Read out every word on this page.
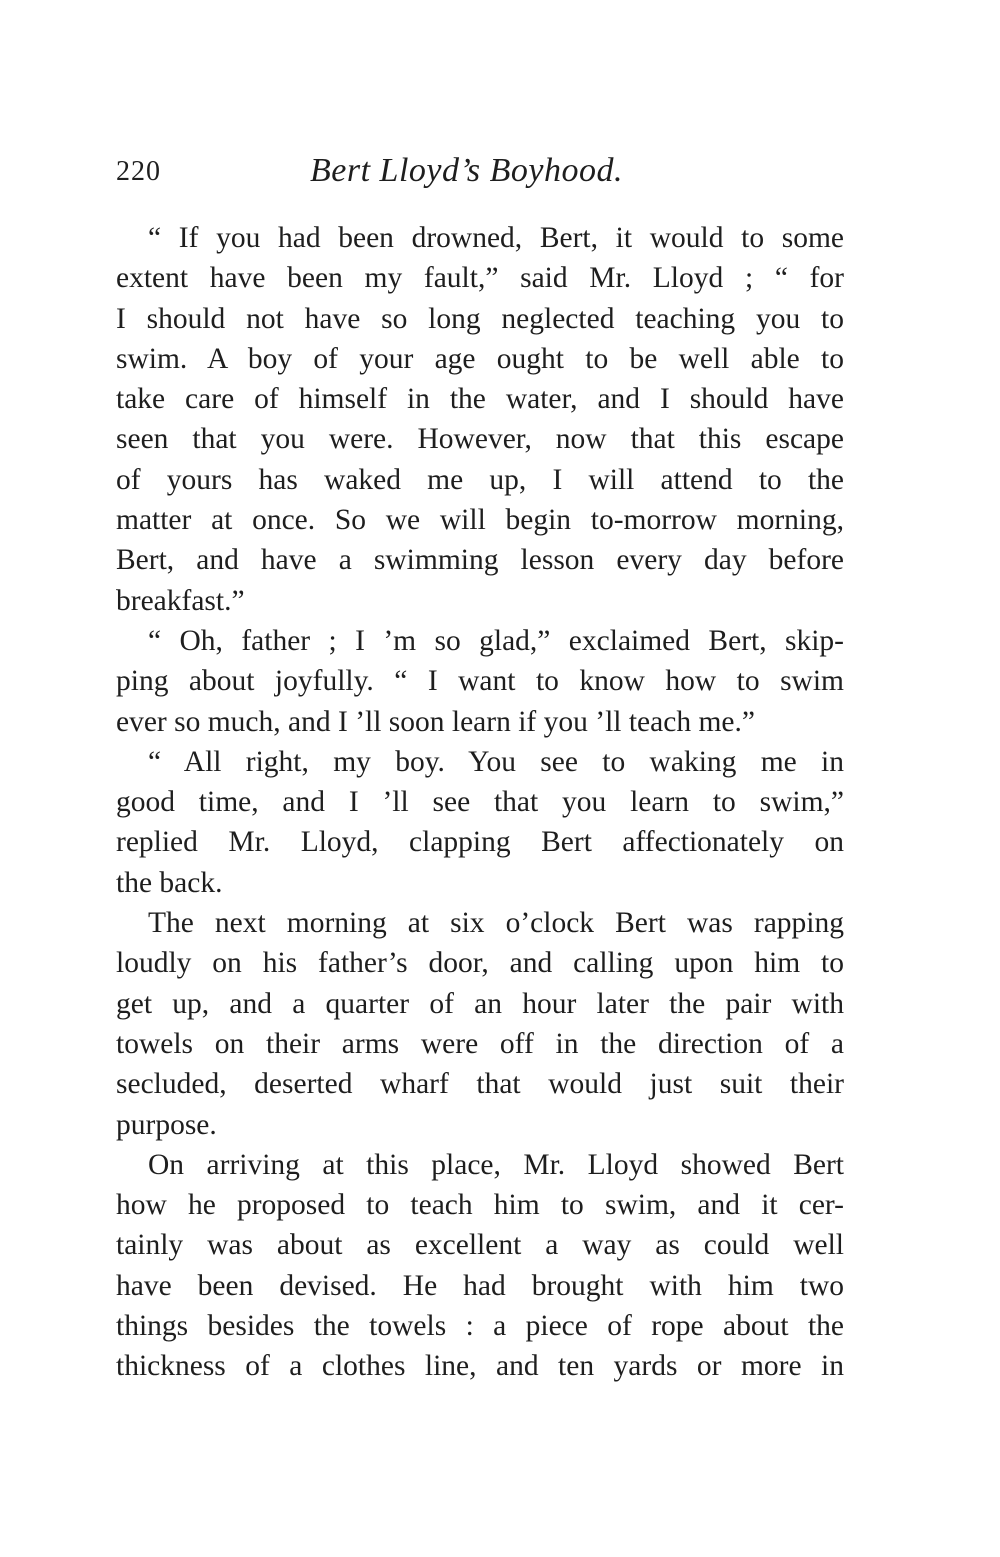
220	Bert Lloyd’s Boyhood.
“ If you had been drowned, Bert, it would to some
extent have been my fault,” said Mr. Lloyd ; “ for
I should not have so long neglected teaching you to
swim. A boy of your age ought to be well able to
take care of himself in the water, and I should have
seen that you were. However, now that this escape
of yours has waked me up, I will attend to the
matter at once. So we will begin to-morrow morning,
Bert, and have a swimming lesson every day before
breakfast.”
“ Oh, father ; I ’m so glad,” exclaimed Bert, skip-
ping about joyfully. “ I want to know how to swim
ever so much, and I ’ll soon learn if you ’ll teach me.”
“ All right, my boy. You see to waking me in
good time, and I ’ll see that you learn to swim,”
replied Mr. Lloyd, clapping Bert affectionately on
the back.
The next morning at six o’clock Bert was rapping
loudly on his father’s door, and calling upon him to
get up, and a quarter of an hour later the pair with
towels on their arms were off in the direction of a
secluded, deserted wharf that would just suit their
purpose.
On arriving at this place, Mr. Lloyd showed Bert
how he proposed to teach him to swim, and it cer-
tainly was about as excellent a way as could well
have been devised. He had brought with him two
things besides the towels : a piece of rope about the
thickness of a clothes line, and ten yards or more in
